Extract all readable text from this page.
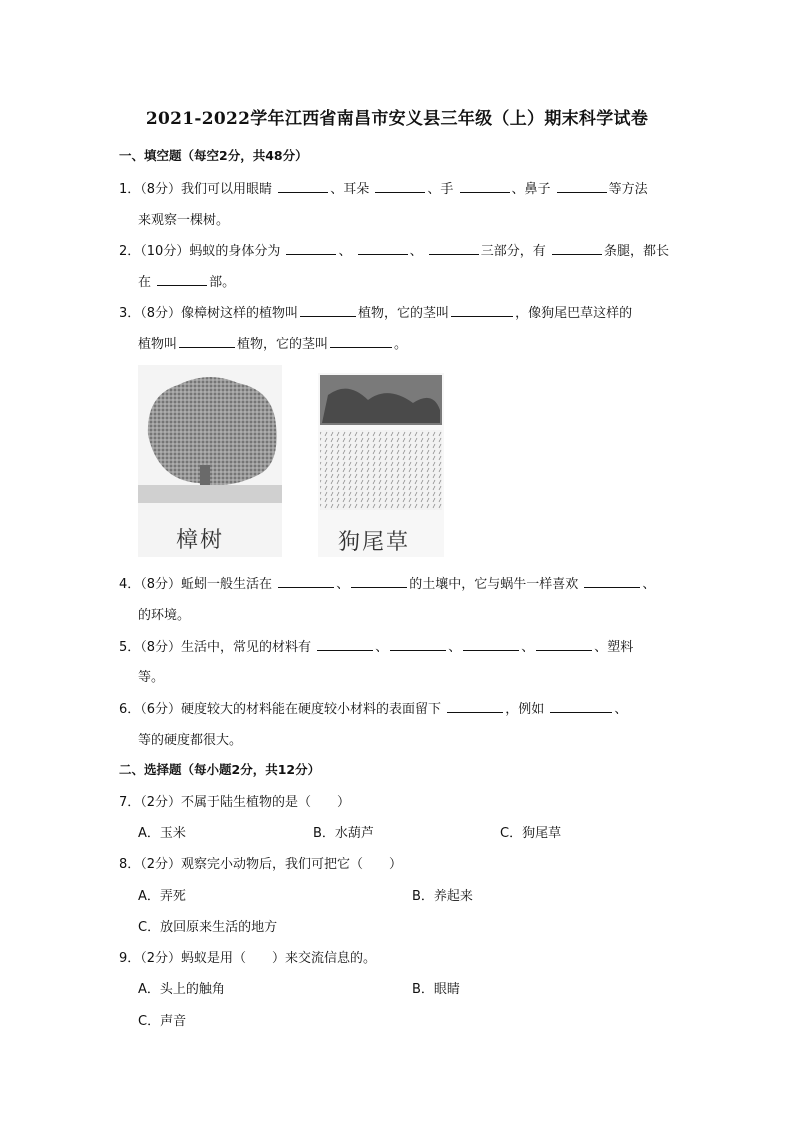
2021-2022学年江西省南昌市安义县三年级（上）期末科学试卷
一、填空题（每空2分，共48分）
1．（8分）我们可以用眼睛	、耳朵	、手	、鼻子	等方法
来观察一棵树。
2．（10分）蚂蚁的身体分为	、	、	三部分，有	条腿，都长
在	部。
3．（8分）像樟树这样的植物叫	植物，它的茎叫	，像狗尾巴草这样的
植物叫	植物，它的茎叫	。
樟树	狗尾草
4．（8分）蚯蚓一般生活在	、	的土壤中，它与蜗牛一样喜欢	、
的环境。
5．（8分）生活中，常见的材料有	、	、	、	、塑料
等。
6．（6分）硬度较大的材料能在硬度较小材料的表面留下	，例如	、
等的硬度都很大。
二、选择题（每小题2分，共12分）
7．（2分）不属于陆生植物的是（　　）
A．玉米	B．水葫芦	C．狗尾草
8．（2分）观察完小动物后，我们可把它（　　）
A．弄死	B．养起来
C．放回原来生活的地方
9．（2分）蚂蚁是用（　　）来交流信息的。
A．头上的触角	B．眼睛
C．声音
